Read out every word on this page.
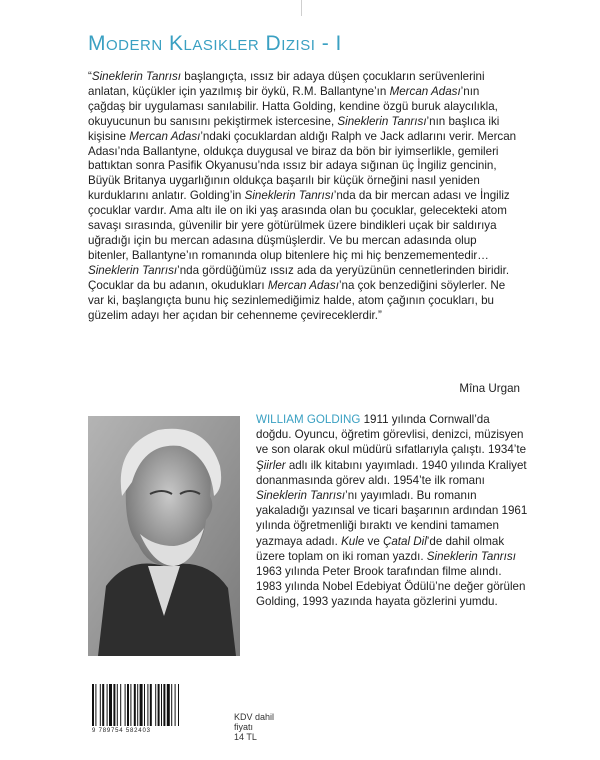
Modern Klasikler Dizisi - I

“Sineklerin Tanrısı başlangıçta, ıssız bir adaya düşen çocukların serüvenlerini anlatan, küçükler için yazılmış bir öykü, R.M. Ballantyne’ın Mercan Adası’nın çağdaş bir uygulaması sanılabilir. Hatta Golding, kendine özgü buruk alaycılıkla, okuyucunun bu sanısını pekiştirmek istercesine, Sineklerin Tanrısı’nın başlıca iki kişisine Mercan Adası’ndaki çocuklardan aldığı Ralph ve Jack adlarını verir. Mercan Adası’nda Ballantyne, oldukça duygusal ve biraz da bön bir iyimserlikle, gemileri battıktan sonra Pasifik Okyanusu’nda ıssız bir adaya sığınan üç İngiliz gencinin, Büyük Britanya uygarlığının oldukça başarılı bir küçük örneğini nasıl yeniden kurduklarını anlatır. Golding’in Sineklerin Tanrısı’nda da bir mercan adası ve İngiliz çocuklar vardır. Ama altı ile on iki yaş arasında olan bu çocuklar, gelecekteki atom savaşı sırasında, güvenilir bir yere götürülmek üzere bindikleri uçak bir saldırıya uğradığı için bu mercan adasına düşmüşlerdir. Ve bu mercan adasında olup bitenler, Ballantyne’ın romanında olup bitenlere hiç mi hiç benzemementedir…

Sineklerin Tanrısı’nda gördüğümüz ıssız ada da yeryüzünün cennetlerinden biridir. Çocuklar da bu adanın, okudukları Mercan Adası’na çok benzediğini söylerler. Ne var ki, başlangıçta bunu hiç sezinlemediğimiz halde, atom çağının çocukları, bu güzelim adayı her açıdan bir cehenneme çevireceklerdir.”

Mîna Urgan
WILLIAM GOLDING 1911 yılında Cornwall’da doğdu. Oyuncu, öğretim görevlisi, denizci, müzisyen ve son olarak okul müdürü sıfatlarıyla çalıştı. 1934’te Şiirler adlı ilk kitabını yayımladı. 1940 yılında Kraliyet donanmasında görev aldı. 1954’te ilk romanı Sineklerin Tanrısı’nı yayımladı. Bu romanın yakaladığı yazınsal ve ticari başarının ardından 1961 yılında öğretmenliği bıraktı ve kendini tamamen yazmaya adadı. Kule ve Çatal Dil’de dahil olmak üzere toplam on iki roman yazdı. Sineklerin Tanrısı 1963 yılında Peter Brook tarafından filme alındı. 1983 yılında Nobel Edebiyat Ödülü’ne değer görülen Golding, 1993 yazında hayata gözlerini yumdu.
9 789754 582403
KDV dahil fiyatı
14 TL
